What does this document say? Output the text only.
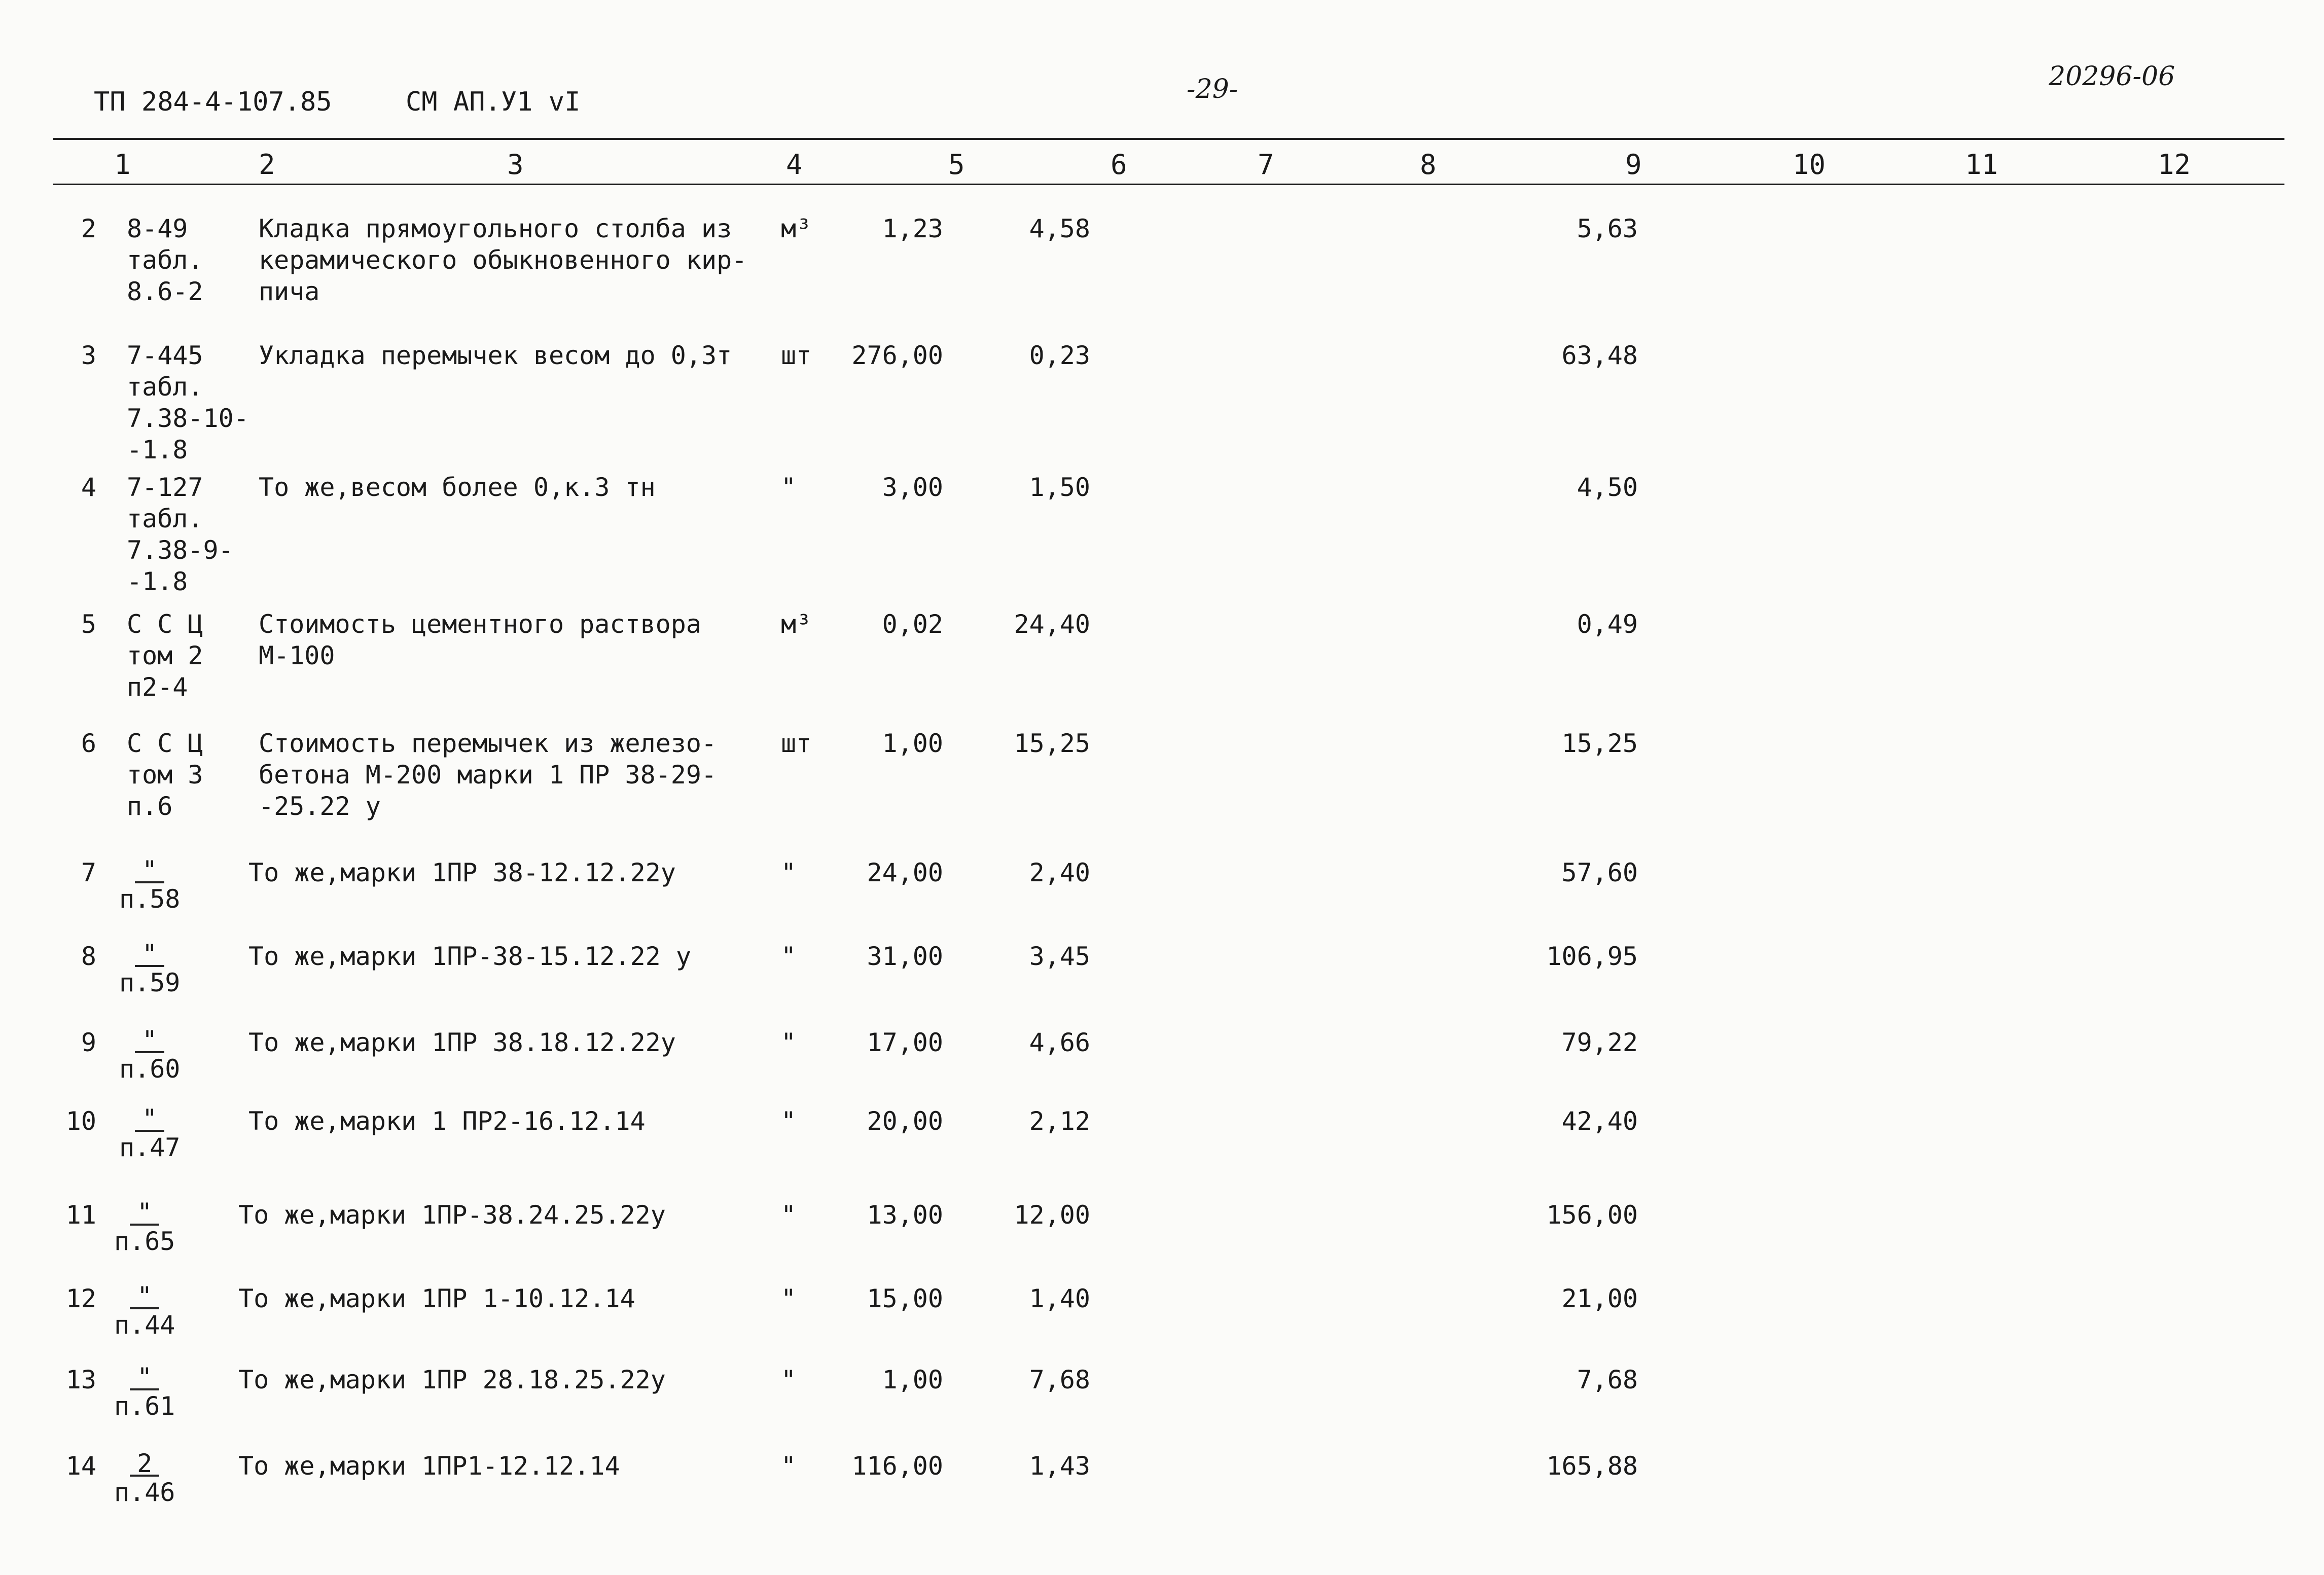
ТП 284-4-107.85	СМ АП.У1 vI	-29-	20296-06
1	2	3	4	5	6	7	8	9	10	11	12
2 8-49
табл.
8.6-2
Кладка прямоугольного столба из
керамического обыкновенного кир-
пича
м³	1,23	4,58	5,63
3 7-445
табл.
7.38-10-
-1.8
Укладка перемычек весом до 0,3т шт	276,00	0,23	63,48
4 7-127
табл.
7.38-9-
-1.8
То же,весом более 0,к.3 тн	"	3,00	1,50	4,50
5 С С Ц
том 2
п2-4
Стоимость цементного раствора
М-100
м³	0,02	24,40	0,49
6 С С Ц
том 3
п.6
Стоимость перемычек из железо-
бетона М-200 марки 1 ПР 38-29-
-25.22 у
шт	1,00	15,25	15,25
7 "
п.58
То же,марки 1ПР 38-12.12.22у	"	24,00	2,40	57,60
8 "
п.59
То же,марки 1ПР-38-15.12.22 у	"	31,00	3,45	106,95
9 "
п.60
То же,марки 1ПР 38.18.12.22у	"	17,00	4,66	79,22
10 "
п.47
То же,марки 1 ПР2-16.12.14	"	20,00	2,12	42,40
11 "
п.65
То же,марки 1ПР-38.24.25.22у	"	13,00	12,00	156,00
12 "
п.44
То же,марки 1ПР 1-10.12.14	"	15,00	1,40	21,00
13 "
п.61
То же,марки 1ПР 28.18.25.22у	"	1,00	7,68	7,68
14 2
п.46
То же,марки 1ПР1-12.12.14	"	116,00	1,43	165,88
